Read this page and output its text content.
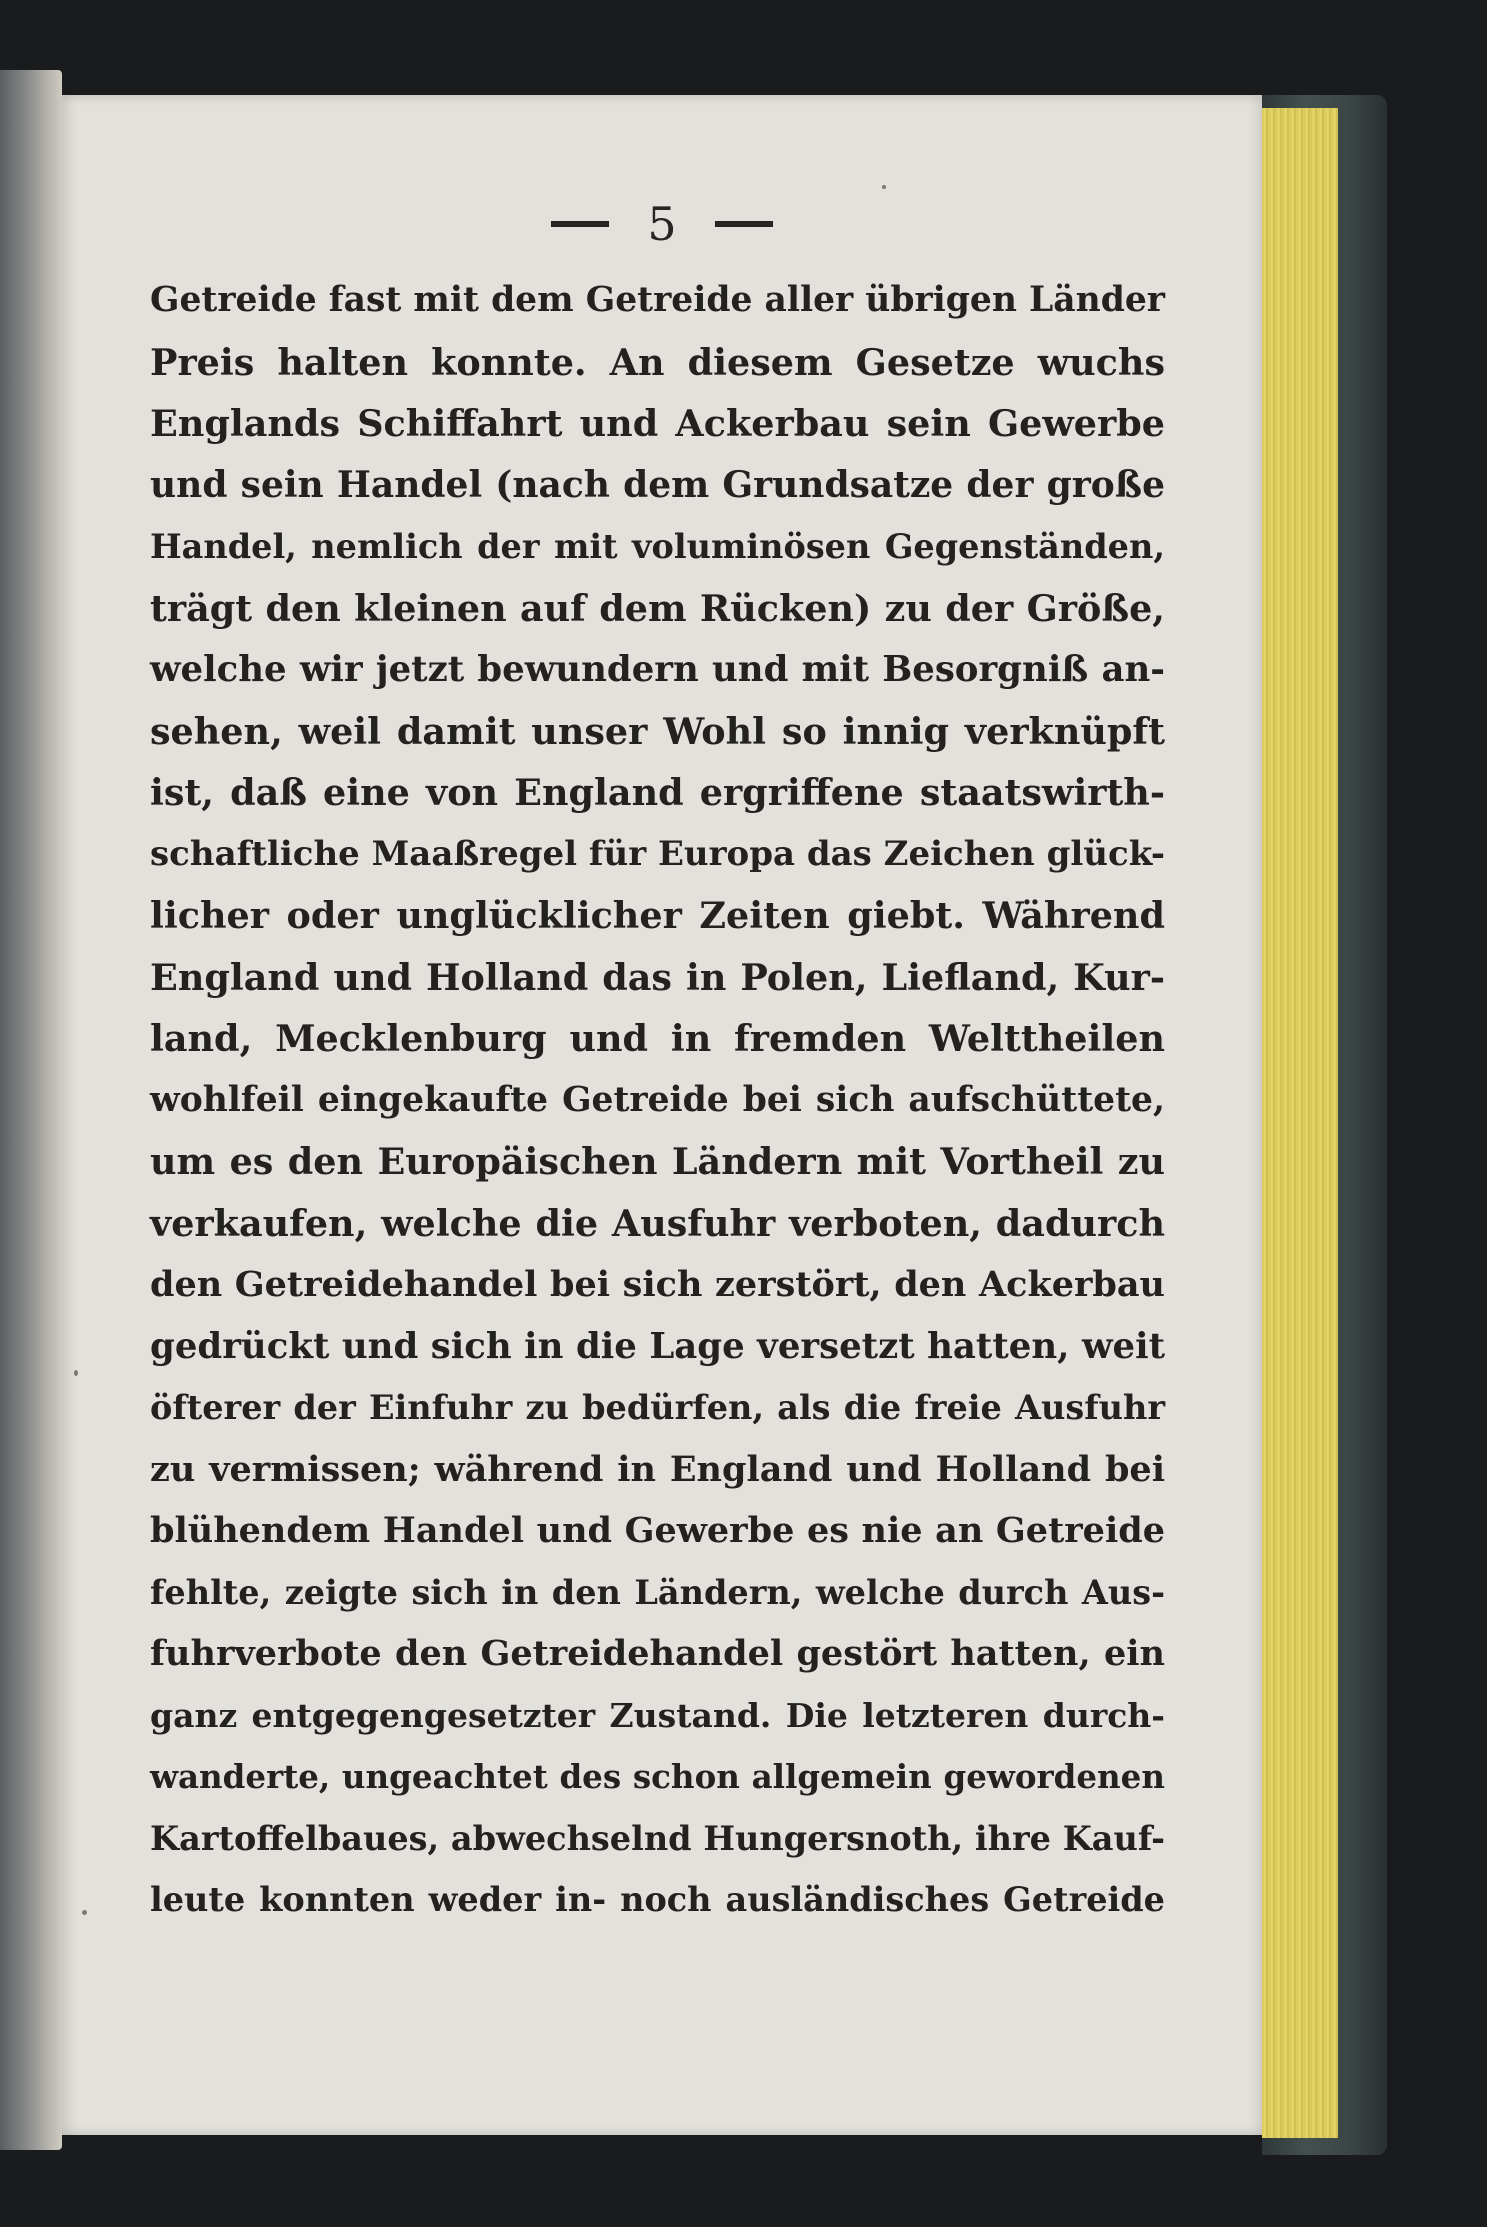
5
Getreide fast mit dem Getreide aller übrigen Länder
Preis halten konnte. An diesem Gesetze wuchs
Englands Schiffahrt und Ackerbau sein Gewerbe
und sein Handel (nach dem Grundsatze der große
Handel, nemlich der mit voluminösen Gegenständen,
trägt den kleinen auf dem Rücken) zu der Größe,
welche wir jetzt bewundern und mit Besorgniß an-
sehen, weil damit unser Wohl so innig verknüpft
ist, daß eine von England ergriffene staatswirth-
schaftliche Maaßregel für Europa das Zeichen glück-
licher oder unglücklicher Zeiten giebt. Während
England und Holland das in Polen, Liefland, Kur-
land, Mecklenburg und in fremden Welttheilen
wohlfeil eingekaufte Getreide bei sich aufschüttete,
um es den Europäischen Ländern mit Vortheil zu
verkaufen, welche die Ausfuhr verboten, dadurch
den Getreidehandel bei sich zerstört, den Ackerbau
gedrückt und sich in die Lage versetzt hatten, weit
öfterer der Einfuhr zu bedürfen, als die freie Ausfuhr
zu vermissen; während in England und Holland bei
blühendem Handel und Gewerbe es nie an Getreide
fehlte, zeigte sich in den Ländern, welche durch Aus-
fuhrverbote den Getreidehandel gestört hatten, ein
ganz entgegengesetzter Zustand. Die letzteren durch-
wanderte, ungeachtet des schon allgemein gewordenen
Kartoffelbaues, abwechselnd Hungersnoth, ihre Kauf-
leute konnten weder in- noch ausländisches Getreide
